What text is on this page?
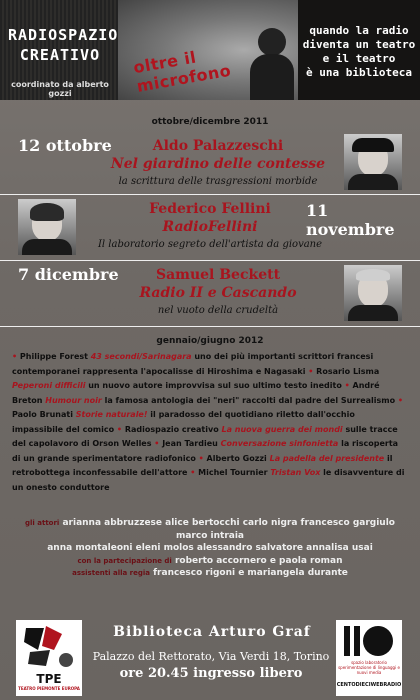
RADIOSPAZIO
CREATIVO
coordinato da alberto gozzi
oltre il microfono
quando la radio
diventa un teatro
e il teatro
è una biblioteca
ottobre/dicembre 2011
12 ottobre	Aldo Palazzeschi
Nel giardino delle contesse
la scrittura delle trasgressioni morbide
Federico Fellini
RadioFellini
Il laboratorio segreto dell'artista da giovane
11 novembre
7 dicembre	Samuel Beckett
Radio II e Cascando
nel vuoto della crudeltà
gennaio/giugno 2012
• Philippe Forest 43 secondi/Sarinagara uno dei più importanti scrittori francesi contemporanei rappresenta l'apocalisse di Hiroshima e Nagasaki • Rosario Lisma Peperoni difficili un nuovo autore improvvisa sul suo ultimo testo inedito • André Breton Humour noir la famosa antologia dei "neri" raccolti dal padre del Surrealismo • Paolo Brunati Storie naturale! il paradosso del quotidiano riletto dall'occhio impassibile del comico • Radiospazio creativo La nuova guerra dei mondi sulle tracce del capolavoro di Orson Welles • Jean Tardieu Conversazione sinfonietta la riscoperta di un grande sperimentatore radiofonico • Alberto Gozzi La padella del presidente il retrobottega inconfessabile dell'attore • Michel Tournier Tristan Vox le disavventure di un onesto conduttore
gli attori arianna abbruzzese alice bertocchi carlo nigra francesco gargiulo marco intraia
anna montaleoni eleni molos alessandro salvatore annalisa usai
con la partecipazione di roberto accornero e paola roman
assistenti alla regia francesco rigoni e mariangela durante
TPE
TEATRO PIEMONTE EUROPA
Biblioteca Arturo Graf
Palazzo del Rettorato, Via Verdi 18, Torino
ore 20.45 ingresso libero
spazio laboratorio sperimentazione di linguaggi e nuovi media
CENTODIECIWEBRADIO
